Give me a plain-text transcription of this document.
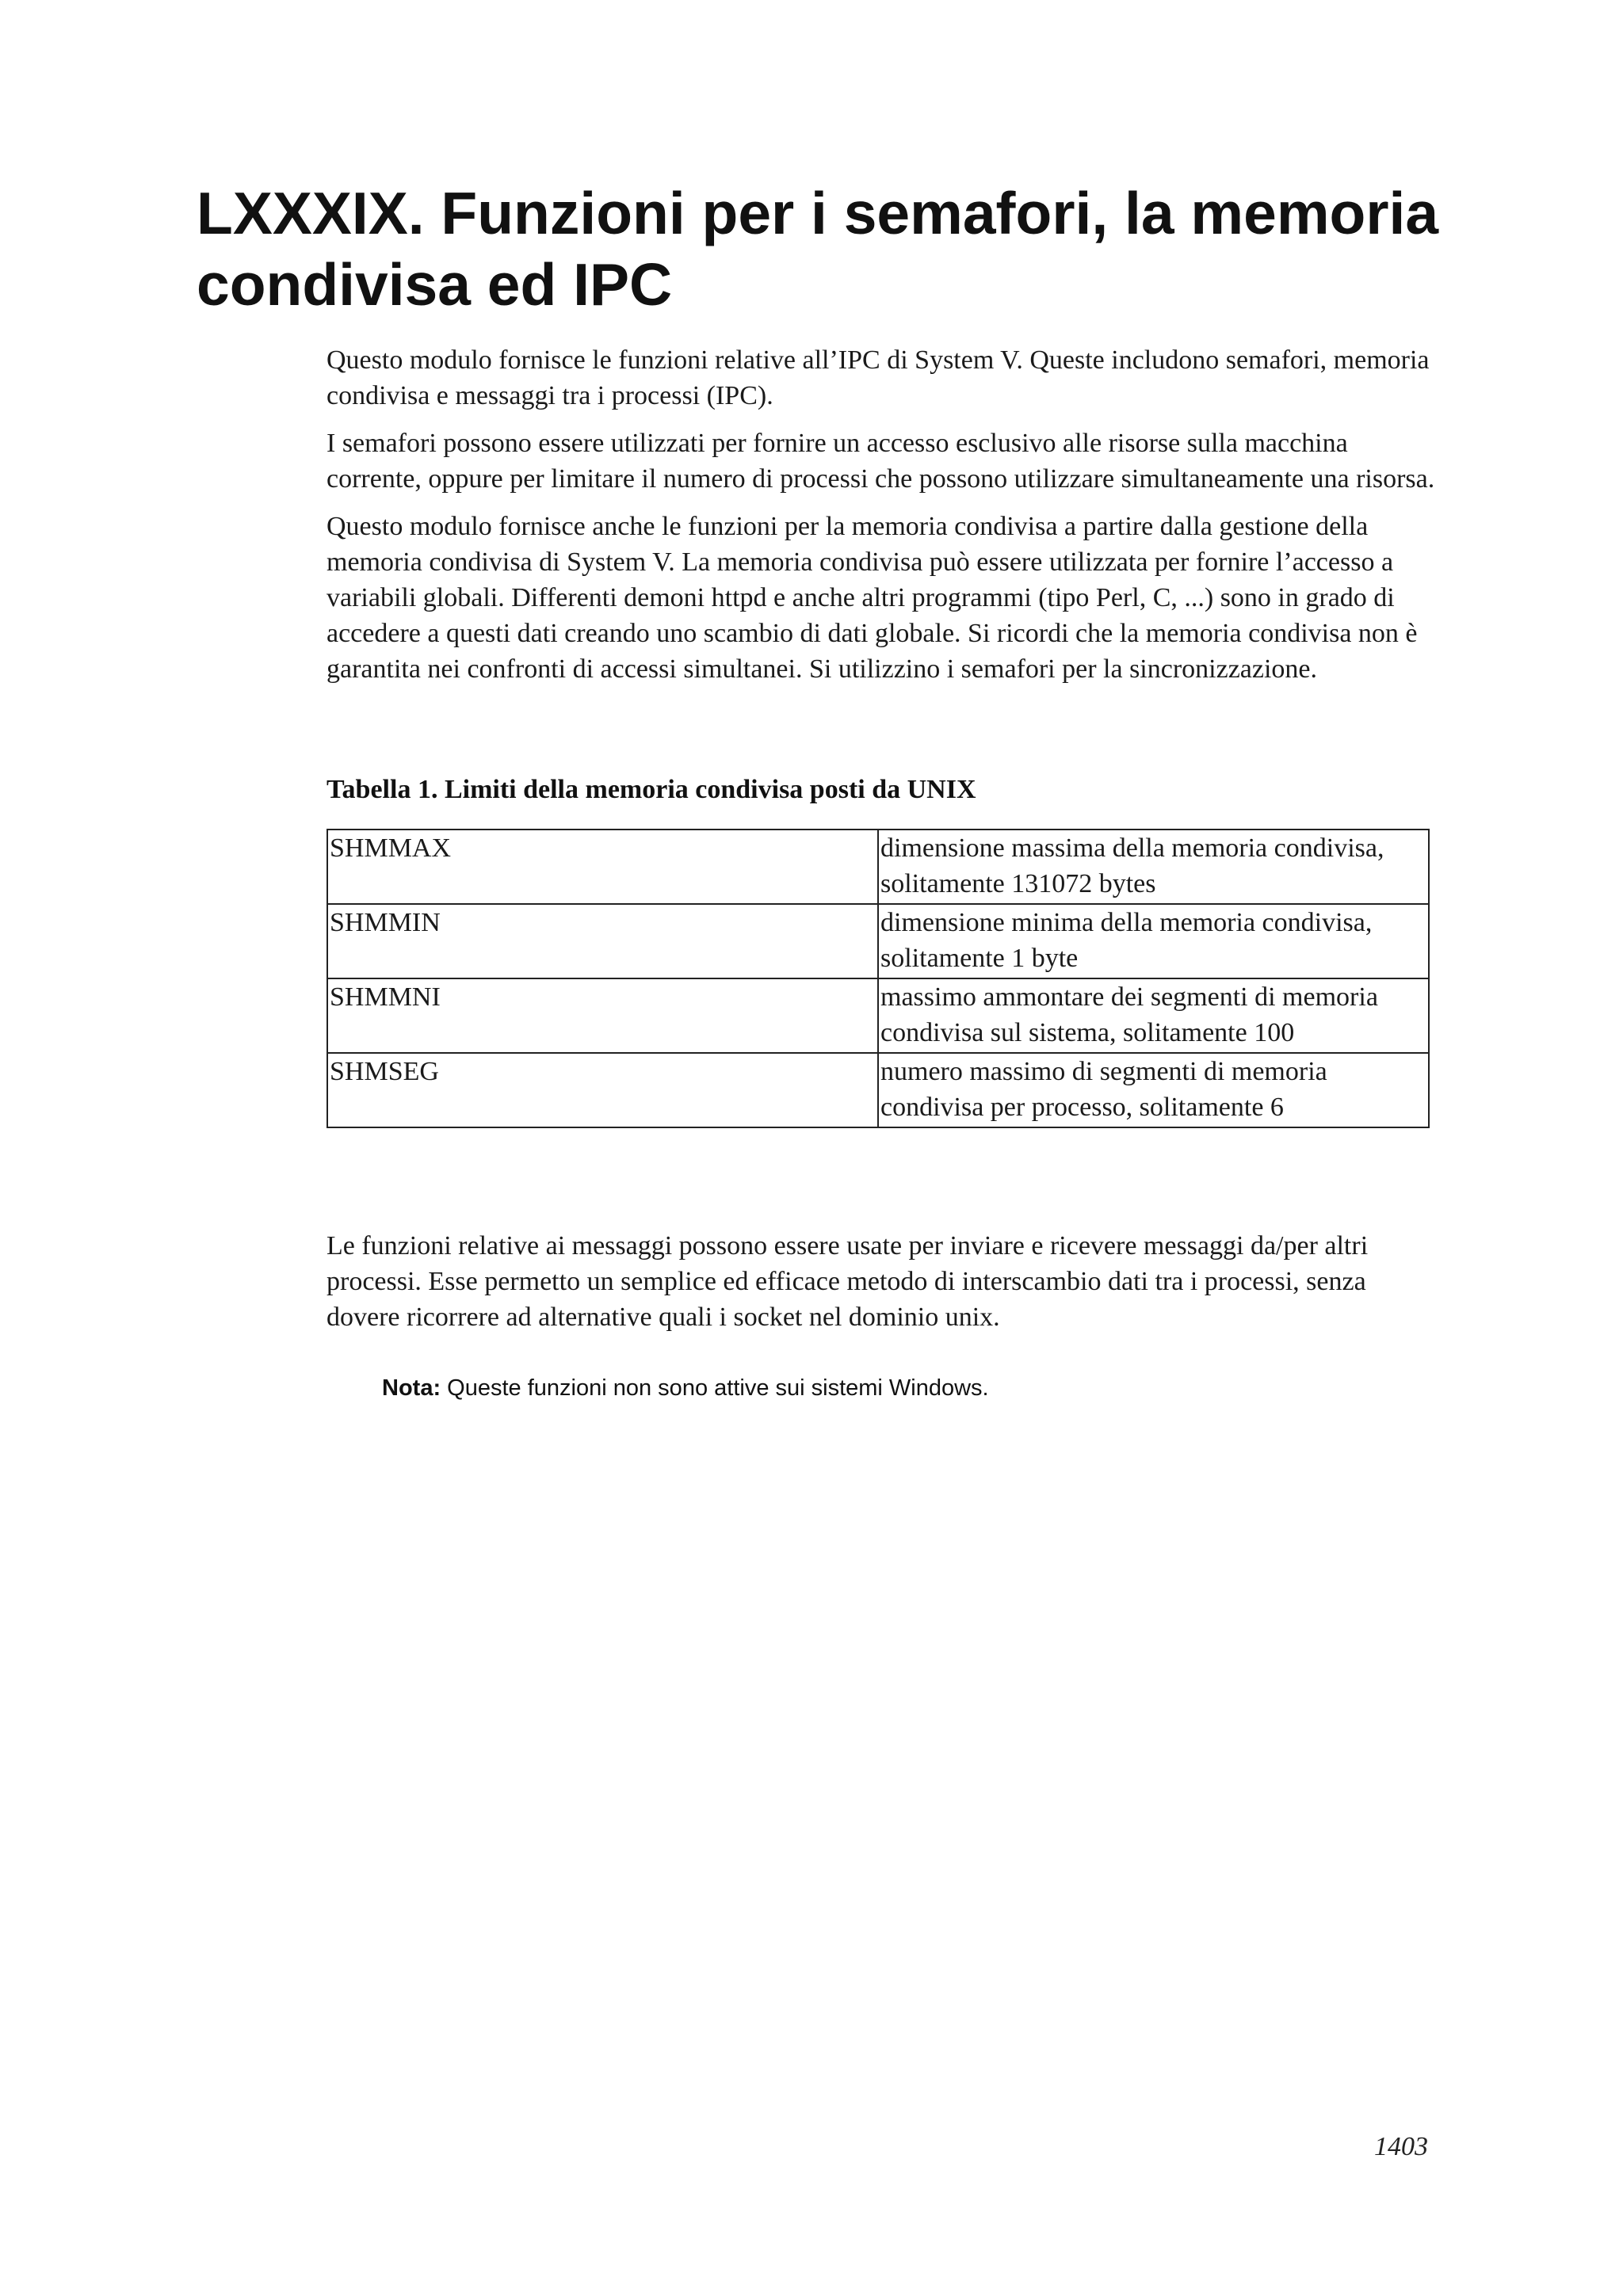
LXXXIX. Funzioni per i semafori, la memoria condivisa ed IPC

Questo modulo fornisce le funzioni relative all’IPC di System V. Queste includono semafori, memoria condivisa e messaggi tra i processi (IPC).

I semafori possono essere utilizzati per fornire un accesso esclusivo alle risorse sulla macchina corrente, oppure per limitare il numero di processi che possono utilizzare simultaneamente una risorsa.

Questo modulo fornisce anche le funzioni per la memoria condivisa a partire dalla gestione della memoria condivisa di System V. La memoria condivisa può essere utilizzata per fornire l’accesso a variabili globali. Differenti demoni httpd e anche altri programmi (tipo Perl, C, ...) sono in grado di accedere a questi dati creando uno scambio di dati globale. Si ricordi che la memoria condivisa non è garantita nei confronti di accessi simultanei. Si utilizzino i semafori per la sincronizzazione.

Tabella 1. Limiti della memoria condivisa posti da UNIX

SHMMAX	dimensione massima della memoria condivisa, solitamente 131072 bytes
SHMMIN	dimensione minima della memoria condivisa, solitamente 1 byte
SHMMNI	massimo ammontare dei segmenti di memoria condivisa sul sistema, solitamente 100
SHMSEG	numero massimo di segmenti di memoria condivisa per processo, solitamente 6

Le funzioni relative ai messaggi possono essere usate per inviare e ricevere messaggi da/per altri processi. Esse permetto un semplice ed efficace metodo di interscambio dati tra i processi, senza dovere ricorrere ad alternative quali i socket nel dominio unix.

Nota: Queste funzioni non sono attive sui sistemi Windows.
1403
